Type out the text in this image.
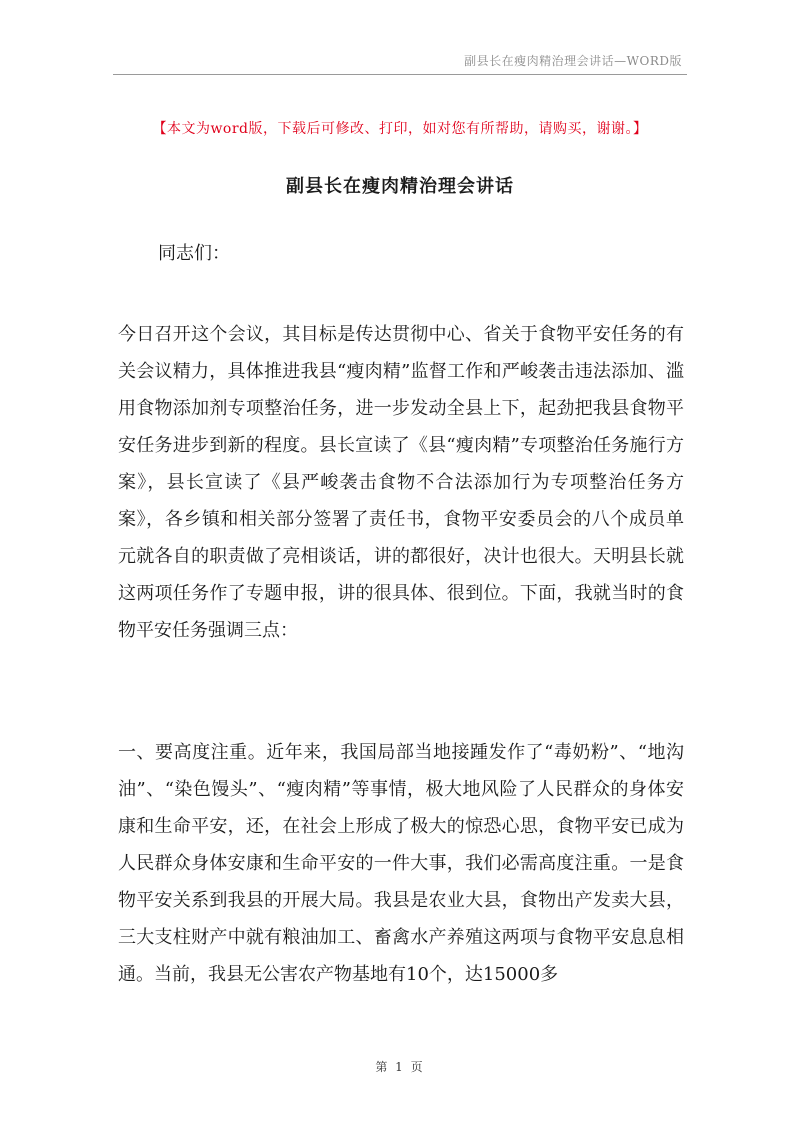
副县长在瘦肉精治理会讲话—WORD版
【本文为word版，下载后可修改、打印，如对您有所帮助，请购买，谢谢。】
副县长在瘦肉精治理会讲话
同志们：

今日召开这个会议，其目标是传达贯彻中心、省关于食物平安任务的有关会议精力，具体推进我县“瘦肉精”监督工作和严峻袭击违法添加、滥用食物添加剂专项整治任务，进一步发动全县上下，起劲把我县食物平安任务进步到新的程度。县长宣读了《县“瘦肉精”专项整治任务施行方案》，县长宣读了《县严峻袭击食物不合法添加行为专项整治任务方案》，各乡镇和相关部分签署了责任书，食物平安委员会的八个成员单元就各自的职责做了亮相谈话，讲的都很好，决计也很大。天明县长就这两项任务作了专题申报，讲的很具体、很到位。下面，我就当时的食物平安任务强调三点：

一、要高度注重。近年来，我国局部当地接踵发作了“毒奶粉”、“地沟油”、“染色馒头”、“瘦肉精”等事情，极大地风险了人民群众的身体安康和生命平安，还，在社会上形成了极大的惊恐心思，食物平安已成为人民群众身体安康和生命平安的一件大事，我们必需高度注重。一是食物平安关系到我县的开展大局。我县是农业大县，食物出产发卖大县，三大支柱财产中就有粮油加工、畜禽水产养殖这两项与食物平安息息相通。当前，我县无公害农产物基地有10个，达15000多

第 1 页
